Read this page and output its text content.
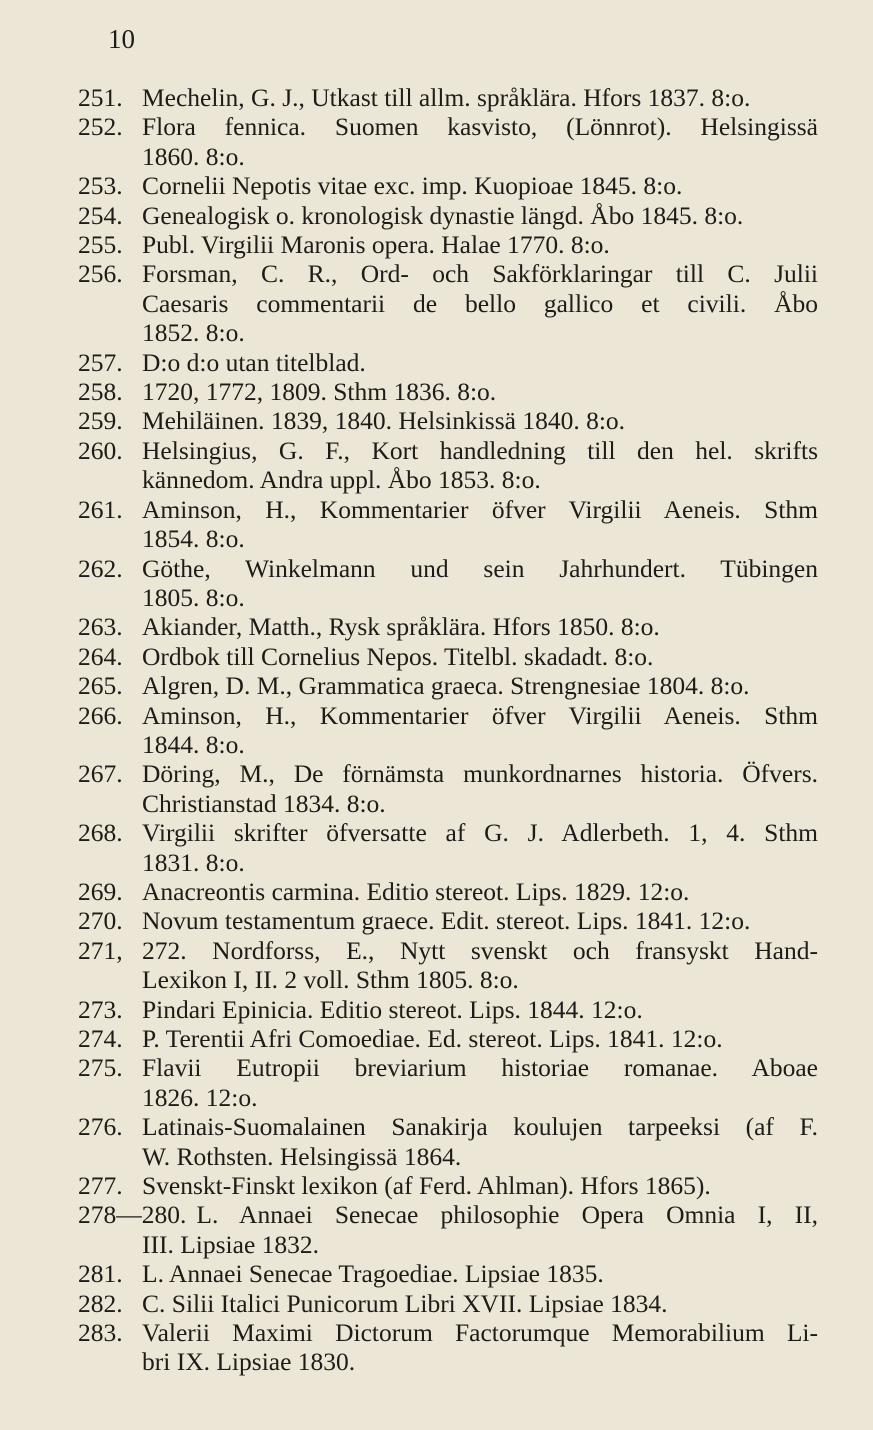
10
251. Mechelin, G. J., Utkast till allm. språklära. Hfors 1837. 8:o.
252. Flora fennica. Suomen kasvisto, (Lönnrot). Helsingissä
1860. 8:o.
253. Cornelii Nepotis vitae exc. imp. Kuopioae 1845. 8:o.
254. Genealogisk o. kronologisk dynastie längd. Åbo 1845. 8:o.
255. Publ. Virgilii Maronis opera. Halae 1770. 8:o.
256. Forsman, C. R., Ord- och Sakförklaringar till C. Julii
Caesaris commentarii de bello gallico et civili. Åbo
1852. 8:o.
257. D:o d:o utan titelblad.
258. 1720, 1772, 1809. Sthm 1836. 8:o.
259. Mehiläinen. 1839, 1840. Helsinkissä 1840. 8:o.
260. Helsingius, G. F., Kort handledning till den hel. skrifts
kännedom. Andra uppl. Åbo 1853. 8:o.
261. Aminson, H., Kommentarier öfver Virgilii Aeneis. Sthm
1854. 8:o.
262. Göthe, Winkelmann und sein Jahrhundert. Tübingen
1805. 8:o.
263. Akiander, Matth., Rysk språklära. Hfors 1850. 8:o.
264. Ordbok till Cornelius Nepos. Titelbl. skadadt. 8:o.
265. Algren, D. M., Grammatica graeca. Strengnesiae 1804. 8:o.
266. Aminson, H., Kommentarier öfver Virgilii Aeneis. Sthm
1844. 8:o.
267. Döring, M., De förnämsta munkordnarnes historia. Öfvers.
Christianstad 1834. 8:o.
268. Virgilii skrifter öfversatte af G. J. Adlerbeth. 1, 4. Sthm
1831. 8:o.
269. Anacreontis carmina. Editio stereot. Lips. 1829. 12:o.
270. Novum testamentum graece. Edit. stereot. Lips. 1841. 12:o.
271, 272. Nordforss, E., Nytt svenskt och fransyskt Hand-
Lexikon I, II. 2 voll. Sthm 1805. 8:o.
273. Pindari Epinicia. Editio stereot. Lips. 1844. 12:o.
274. P. Terentii Afri Comoediae. Ed. stereot. Lips. 1841. 12:o.
275. Flavii Eutropii breviarium historiae romanae. Aboae
1826. 12:o.
276. Latinais-Suomalainen Sanakirja koulujen tarpeeksi (af F.
W. Rothsten. Helsingissä 1864.
277. Svenskt-Finskt lexikon (af Ferd. Ahlman). Hfors 1865).
278—280. L. Annaei Senecae philosophie Opera Omnia I, II,
III. Lipsiae 1832.
281. L. Annaei Senecae Tragoediae. Lipsiae 1835.
282. C. Silii Italici Punicorum Libri XVII. Lipsiae 1834.
283. Valerii Maximi Dictorum Factorumque Memorabilium Li-
bri IX. Lipsiae 1830.
